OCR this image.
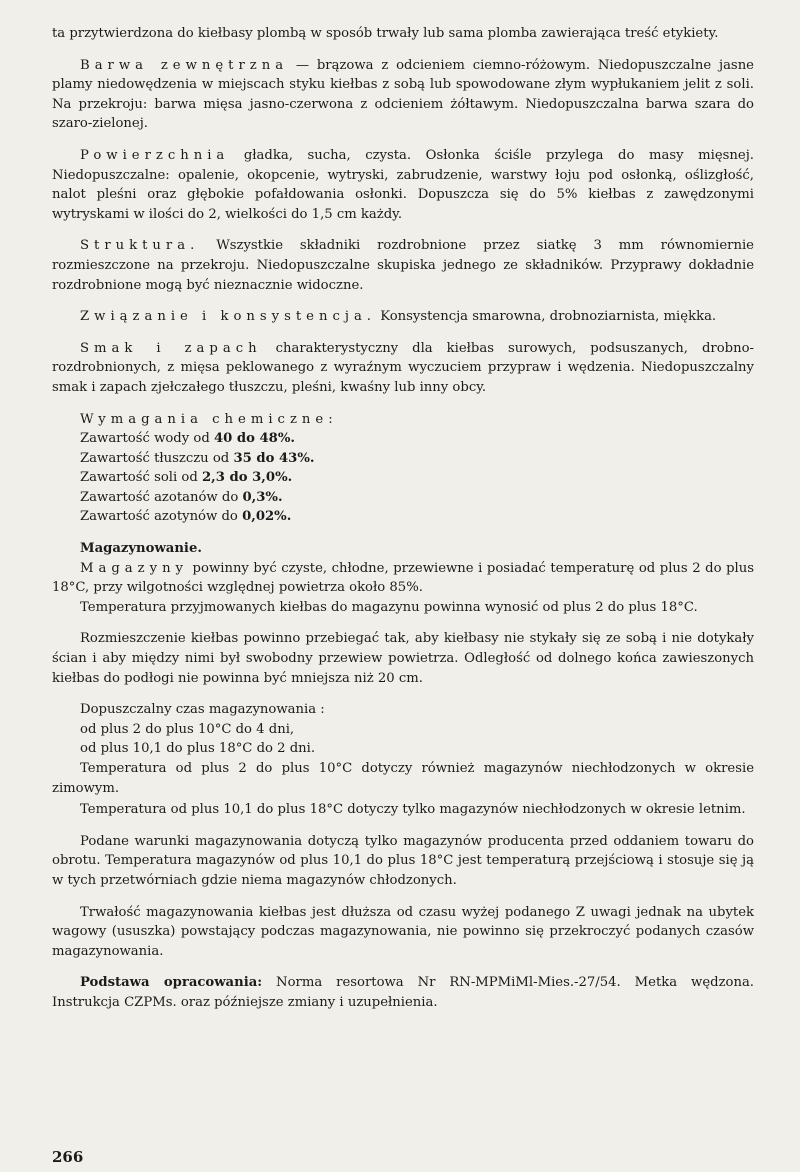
ta przytwierdzona do kiełbasy plombą w sposób trwały lub sama plomba zawierająca treść etykiety.

Barwa zewnętrzna — brązowa z odcieniem ciemno-różowym. Niedopuszczalne jasne plamy niedowędzenia w miejscach styku kiełbas z sobą lub spowodowane złym wypłukaniem jelit z soli. Na przekroju: barwa mięsa jasno-czerwona z odcieniem żółtawym. Niedopuszczalna barwa szara do szaro-zielonej.

Powierzchnia gładka, sucha, czysta. Osłonka ściśle przylega do masy mięsnej. Niedopuszczalne: opalenie, okopcenie, wytryski, zabrudzenie, warstwy łoju pod osłonką, oślizgłość, nalot pleśni oraz głębokie pofałdowania osłonki. Dopuszcza się do 5% kiełbas z zawędzonymi wytryskami w ilości do 2, wielkości do 1,5 cm każdy.

Struktura. Wszystkie składniki rozdrobnione przez siatkę 3 mm równomiernie rozmieszczone na przekroju. Niedopuszczalne skupiska jednego ze składników. Przyprawy dokładnie rozdrobnione mogą być nieznacznie widoczne.

Związanie i konsystencja. Konsystencja smarowna, drobnoziarnista, miękka.

Smak i zapach charakterystyczny dla kiełbas surowych, podsuszanych, drobno-rozdrobnionych, z mięsa peklowanego z wyraźnym wyczuciem przypraw i wędzenia. Niedopuszczalny smak i zapach zjełczałego tłuszczu, pleśni, kwaśny lub inny obcy.

Wymagania chemiczne:
Zawartość wody od 40 do 48%.
Zawartość tłuszczu od 35 do 43%.
Zawartość soli od 2,3 do 3,0%.
Zawartość azotanów do 0,3%.
Zawartość azotynów do 0,02%.
Magazynowanie.

Magazyny powinny być czyste, chłodne, przewiewne i posiadać temperaturę od plus 2 do plus 18°C, przy wilgotności względnej powietrza około 85%.

Temperatura przyjmowanych kiełbas do magazynu powinna wynosić od plus 2 do plus 18°C.

Rozmieszczenie kiełbas powinno przebiegać tak, aby kiełbasy nie stykały się ze sobą i nie dotykały ścian i aby między nimi był swobodny przewiew powietrza. Odległość od dolnego końca zawieszonych kiełbas do podłogi nie powinna być mniejsza niż 20 cm.

Dopuszczalny czas magazynowania :
od plus 2 do plus 10°C do 4 dni,
od plus 10,1 do plus 18°C do 2 dni.

Temperatura od plus 2 do plus 10°C dotyczy również magazynów niechłodzonych w okresie zimowym.

Temperatura od plus 10,1 do plus 18°C dotyczy tylko magazynów niechłodzonych w okresie letnim.

Podane warunki magazynowania dotyczą tylko magazynów producenta przed oddaniem towaru do obrotu. Temperatura magazynów od plus 10,1 do plus 18°C jest temperaturą przejściową i stosuje się ją w tych przetwórniach gdzie niema magazynów chłodzonych.

Trwałość magazynowania kiełbas jest dłuższa od czasu wyżej podanego Z uwagi jednak na ubytek wagowy (ususzka) powstający podczas magazynowania, nie powinno się przekroczyć podanych czasów magazynowania.

Podstawa opracowania: Norma resortowa Nr RN-MPMiMl-Mies.-27/54. Metka wędzona. Instrukcja CZPMs. oraz późniejsze zmiany i uzupełnienia.

266
